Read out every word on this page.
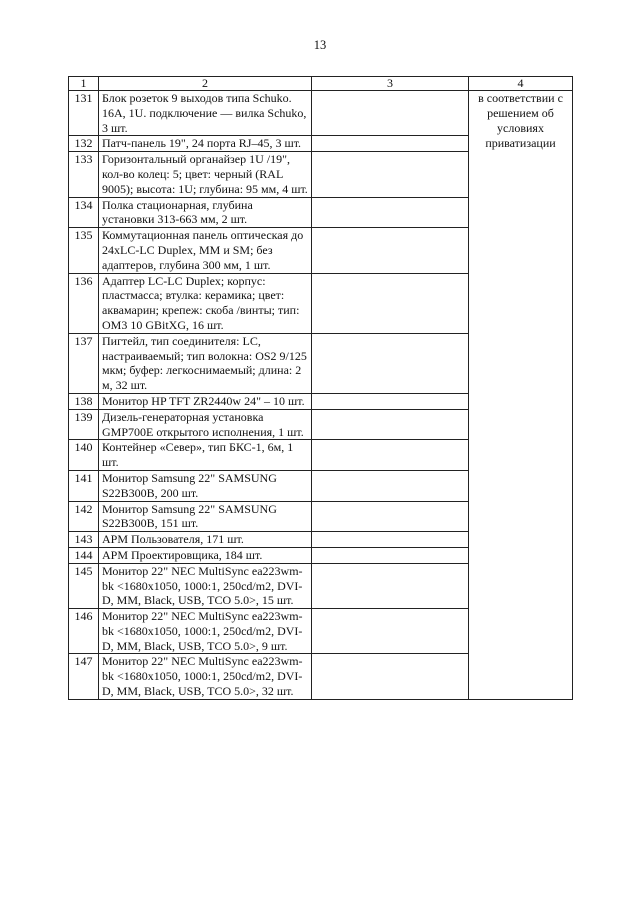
13
1	2	3	4
131	Блок розеток 9 выходов типа Schuko. 16A, 1U. подключение — вилка Schuko, 3 шт.		в соответствии с решением об условиях приватизации
132	Патч-панель 19", 24 порта RJ–45, 3 шт.		
133	Горизонтальный органайзер 1U /19", кол-во колец: 5; цвет: черный (RAL 9005); высота: 1U; глубина: 95 мм, 4 шт.		
134	Полка стационарная, глубина установки 313-663 мм, 2 шт.		
135	Коммутационная панель оптическая до 24xLC-LC Duplex, MM и SM; без адаптеров, глубина 300 мм, 1 шт.		
136	Адаптер LC-LC Duplex; корпус: пластмасса; втулка: керамика; цвет: аквамарин; крепеж: скоба /винты; тип: OM3 10 GBitXG, 16 шт.		
137	Пигтейл, тип соединителя: LC, настраиваемый; тип волокна: OS2 9/125 мкм; буфер: легкоснимаемый; длина: 2 м, 32 шт.		
138	Монитор HP TFT ZR2440w 24" – 10 шт.		
139	Дизель-генераторная установка GMP700E открытого исполнения, 1 шт.		
140	Контейнер «Север», тип БКС-1, 6м, 1 шт.		
141	Монитор Samsung 22" SAMSUNG S22B300B, 200 шт.		
142	Монитор Samsung 22" SAMSUNG S22B300B, 151 шт.		
143	АРМ Пользователя, 171 шт.		
144	АРМ Проектировщика, 184 шт.		
145	Монитор 22" NEC MultiSync ea223wm-bk <1680x1050, 1000:1, 250cd/m2, DVI-D, MM, Black, USB, TCO 5.0>, 15 шт.		
146	Монитор 22" NEC MultiSync ea223wm-bk <1680x1050, 1000:1, 250cd/m2, DVI-D, MM, Black, USB, TCO 5.0>, 9 шт.		
147	Монитор 22" NEC MultiSync ea223wm-bk <1680x1050, 1000:1, 250cd/m2, DVI-D, MM, Black, USB, TCO 5.0>, 32 шт.		
